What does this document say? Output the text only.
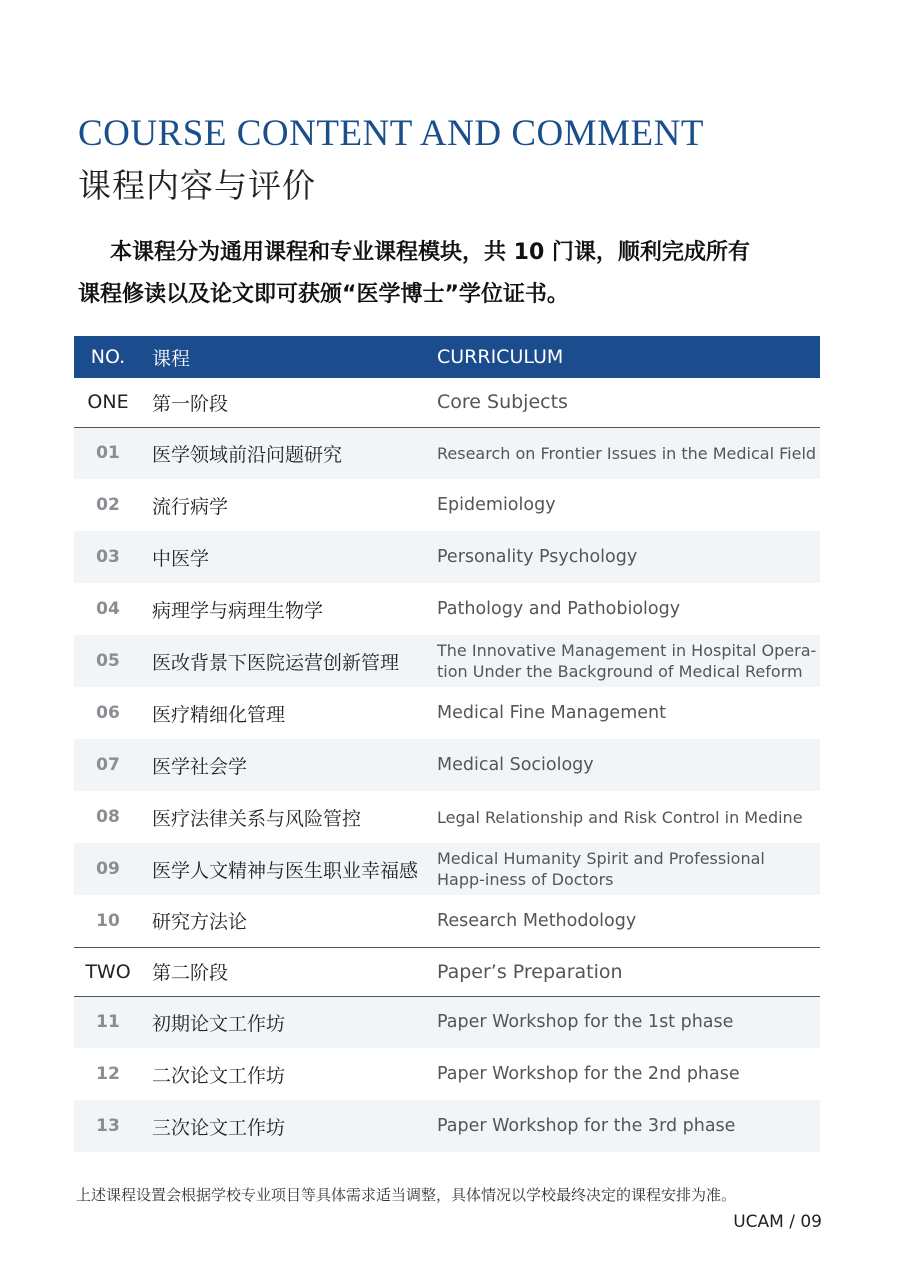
COURSE CONTENT AND COMMENT
课程内容与评价
本课程分为通用课程和专业课程模块，共 10 门课，顺利完成所有
课程修读以及论文即可获颁“医学博士”学位证书。
NO.	课程	CURRICULUM
ONE	第一阶段	Core Subjects
01	医学领域前沿问题研究	Research on Frontier Issues in the Medical Field
02	流行病学	Epidemiology
03	中医学	Personality Psychology
04	病理学与病理生物学	Pathology and Pathobiology
05	医改背景下医院运营创新管理	The Innovative Management in Hospital Opera-tion Under the Background of Medical Reform

06	医疗精细化管理	Medical Fine Management
07	医学社会学	Medical Sociology
08	医疗法律关系与风险管控	Legal Relationship and Risk Control in Medine
09	医学人文精神与医生职业幸福感	Medical Humanity Spirit and Professional Happ-iness of Doctors

10	研究方法论	Research Methodology
TWO	第二阶段	Paper’s Preparation
11	初期论文工作坊	Paper Workshop for the 1st phase
12	二次论文工作坊	Paper Workshop for the 2nd phase
13	三次论文工作坊	Paper Workshop for the 3rd phase
上述课程设置会根据学校专业项目等具体需求适当调整，具体情况以学校最终决定的课程安排为准。
UCAM / 09
